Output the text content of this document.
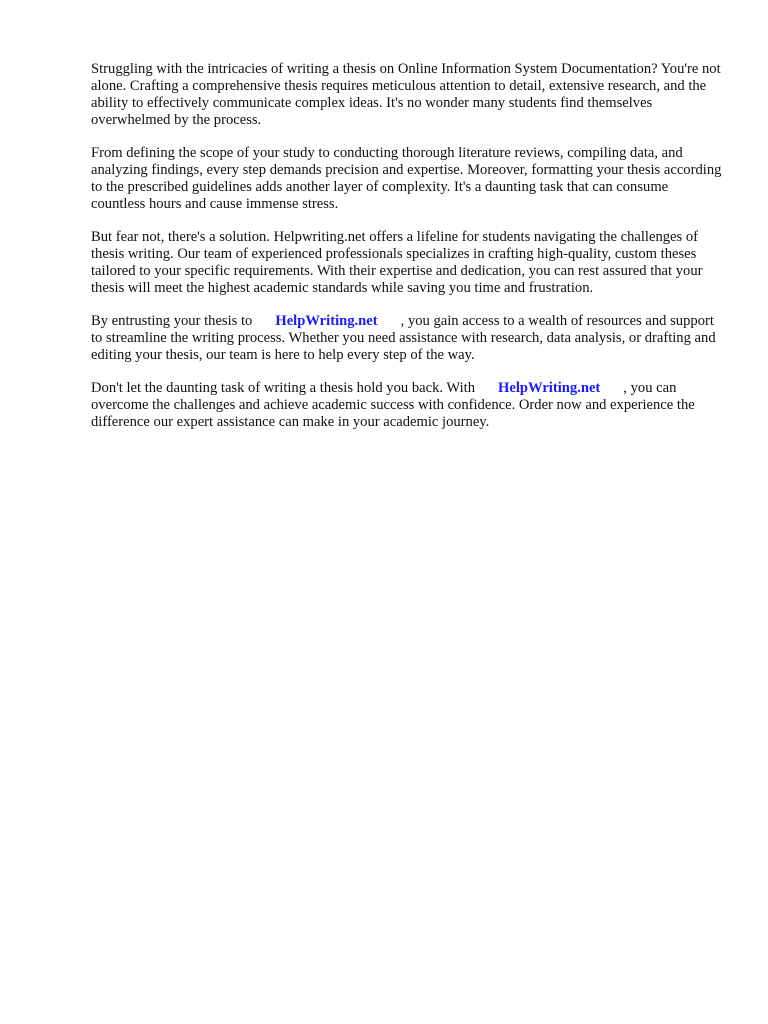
Struggling with the intricacies of writing a thesis on Online Information System Documentation? You're not alone. Crafting a comprehensive thesis requires meticulous attention to detail, extensive research, and the ability to effectively communicate complex ideas. It's no wonder many students find themselves overwhelmed by the process.

From defining the scope of your study to conducting thorough literature reviews, compiling data, and analyzing findings, every step demands precision and expertise. Moreover, formatting your thesis according to the prescribed guidelines adds another layer of complexity. It's a daunting task that can consume countless hours and cause immense stress.

But fear not, there's a solution. Helpwriting.net offers a lifeline for students navigating the challenges of thesis writing. Our team of experienced professionals specializes in crafting high-quality, custom theses tailored to your specific requirements. With their expertise and dedication, you can rest assured that your thesis will meet the highest academic standards while saving you time and frustration.

By entrusting your thesis to HelpWriting.net , you gain access to a wealth of resources and support to streamline the writing process. Whether you need assistance with research, data analysis, or drafting and editing your thesis, our team is here to help every step of the way.

Don't let the daunting task of writing a thesis hold you back. With HelpWriting.net , you can overcome the challenges and achieve academic success with confidence. Order now and experience the difference our expert assistance can make in your academic journey.
